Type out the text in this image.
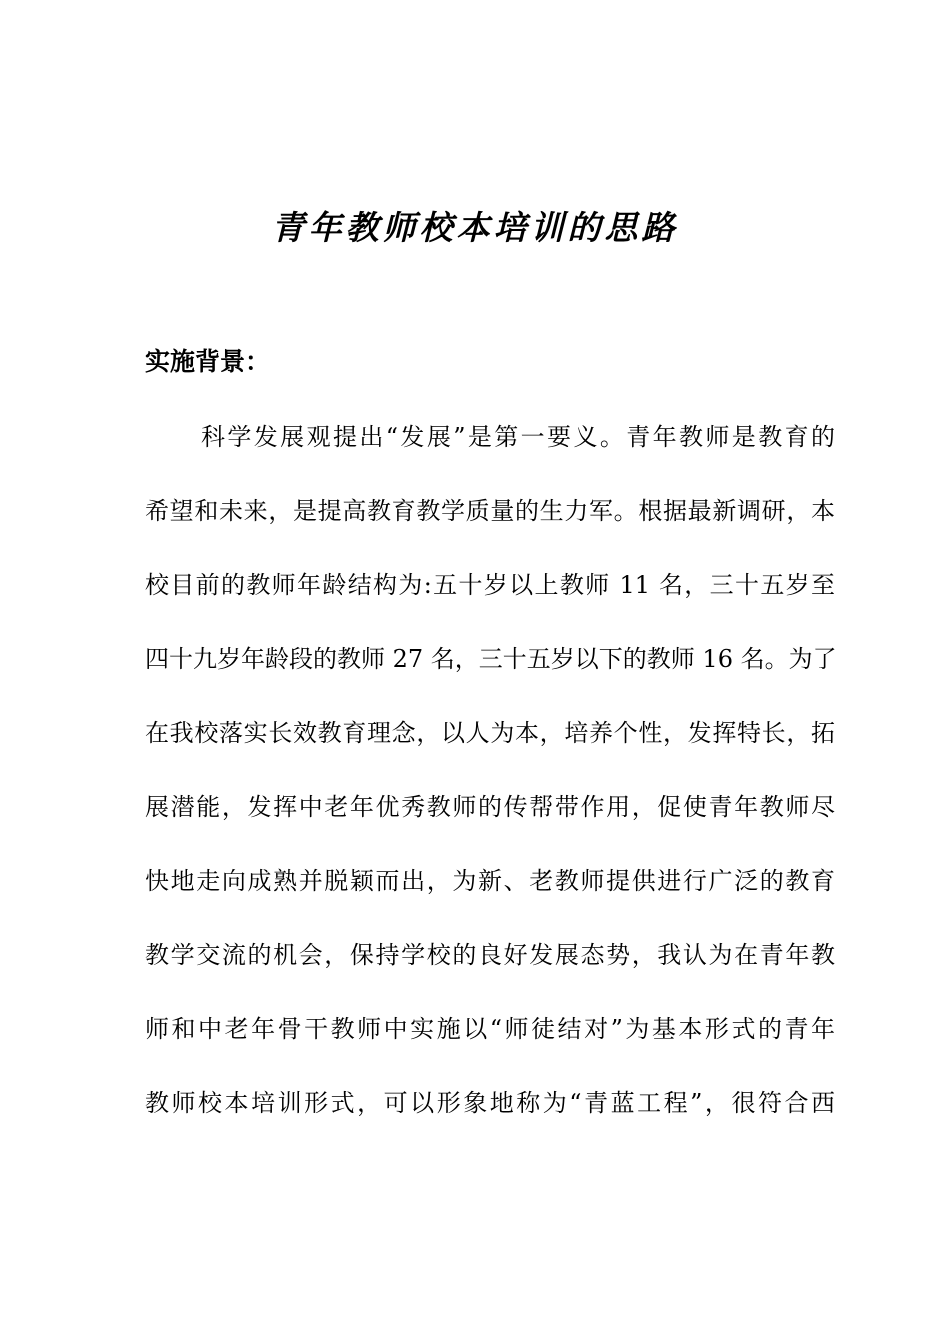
青年教师校本培训的思路
实施背景：
科学发展观提出“发展”是第一要义。青年教师是教育的
希望和未来，是提高教育教学质量的生力军。根据最新调研，本
校目前的教师年龄结构为:五十岁以上教师 11 名，三十五岁至
四十九岁年龄段的教师 27 名，三十五岁以下的教师 16 名。为了
在我校落实长效教育理念，以人为本，培养个性，发挥特长，拓
展潜能，发挥中老年优秀教师的传帮带作用，促使青年教师尽
快地走向成熟并脱颖而出，为新、老教师提供进行广泛的教育
教学交流的机会，保持学校的良好发展态势，我认为在青年教
师和中老年骨干教师中实施以“师徒结对”为基本形式的青年
教师校本培训形式，可以形象地称为“青蓝工程”，很符合西
